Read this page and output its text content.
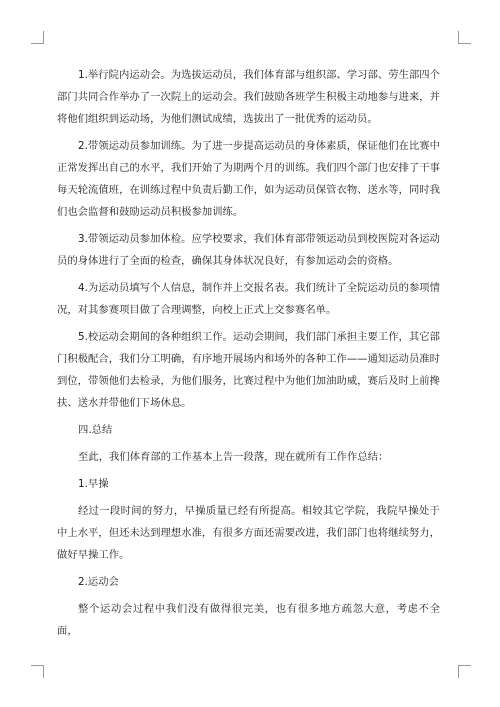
1.举行院内运动会。为选拔运动员，我们体育部与组织部、学习部、劳生部四个部门共同合作举办了一次院上的运动会。我们鼓励各班学生积极主动地参与进来，并将他们组织到运动场，为他们测试成绩，选拔出了一批优秀的运动员。

2.带领运动员参加训练。为了进一步提高运动员的身体素质，保证他们在比赛中正常发挥出自己的水平，我们开始了为期两个月的训练。我们四个部门也安排了干事每天轮流值班，在训练过程中负责后勤工作，如为运动员保管衣物、送水等，同时我们也会监督和鼓励运动员积极参加训练。

3.带领运动员参加体检。应学校要求，我们体育部带领运动员到校医院对各运动员的身体进行了全面的检查，确保其身体状况良好，有参加运动会的资格。

4.为运动员填写个人信息，制作并上交报名表。我们统计了全院运动员的参项情况，对其参赛项目做了合理调整，向校上正式上交参赛名单。

5.校运动会期间的各种组织工作。运动会期间，我们部门承担主要工作，其它部门积极配合，我们分工明确，有序地开展场内和场外的各种工作——通知运动员准时到位，带领他们去检录，为他们服务，比赛过程中为他们加油助威，赛后及时上前搀扶、送水并带他们下场休息。

四.总结

至此，我们体育部的工作基本上告一段落，现在就所有工作作总结：

1.早操

经过一段时间的努力，早操质量已经有所提高。相较其它学院，我院早操处于中上水平，但还未达到理想水准，有很多方面还需要改进，我们部门也将继续努力，做好早操工作。

2.运动会

整个运动会过程中我们没有做得很完美，也有很多地方疏忽大意，考虑不全面，
